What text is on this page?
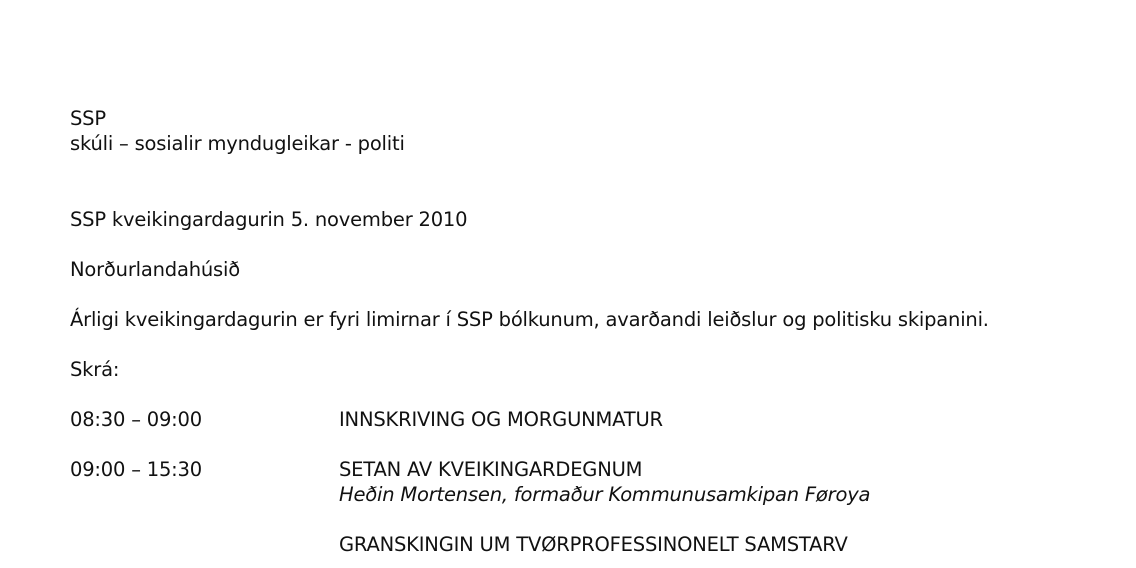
SSP
skúli – sosialir myndugleikar - politi
SSP kveikingardagurin 5. november 2010
Norðurlandahúsið
Árligi kveikingardagurin er fyri limirnar í SSP bólkunum, avarðandi leiðslur og politisku skipanini.
Skrá:
08:30 – 09:00	INNSKRIVING OG MORGUNMATUR
09:00 – 15:30	SETAN AV KVEIKINGARDEGNUM
Heðin Mortensen, formaður Kommunusamkipan Føroya
GRANSKINGIN UM TVØRPROFESSINONELT SAMSTARV
